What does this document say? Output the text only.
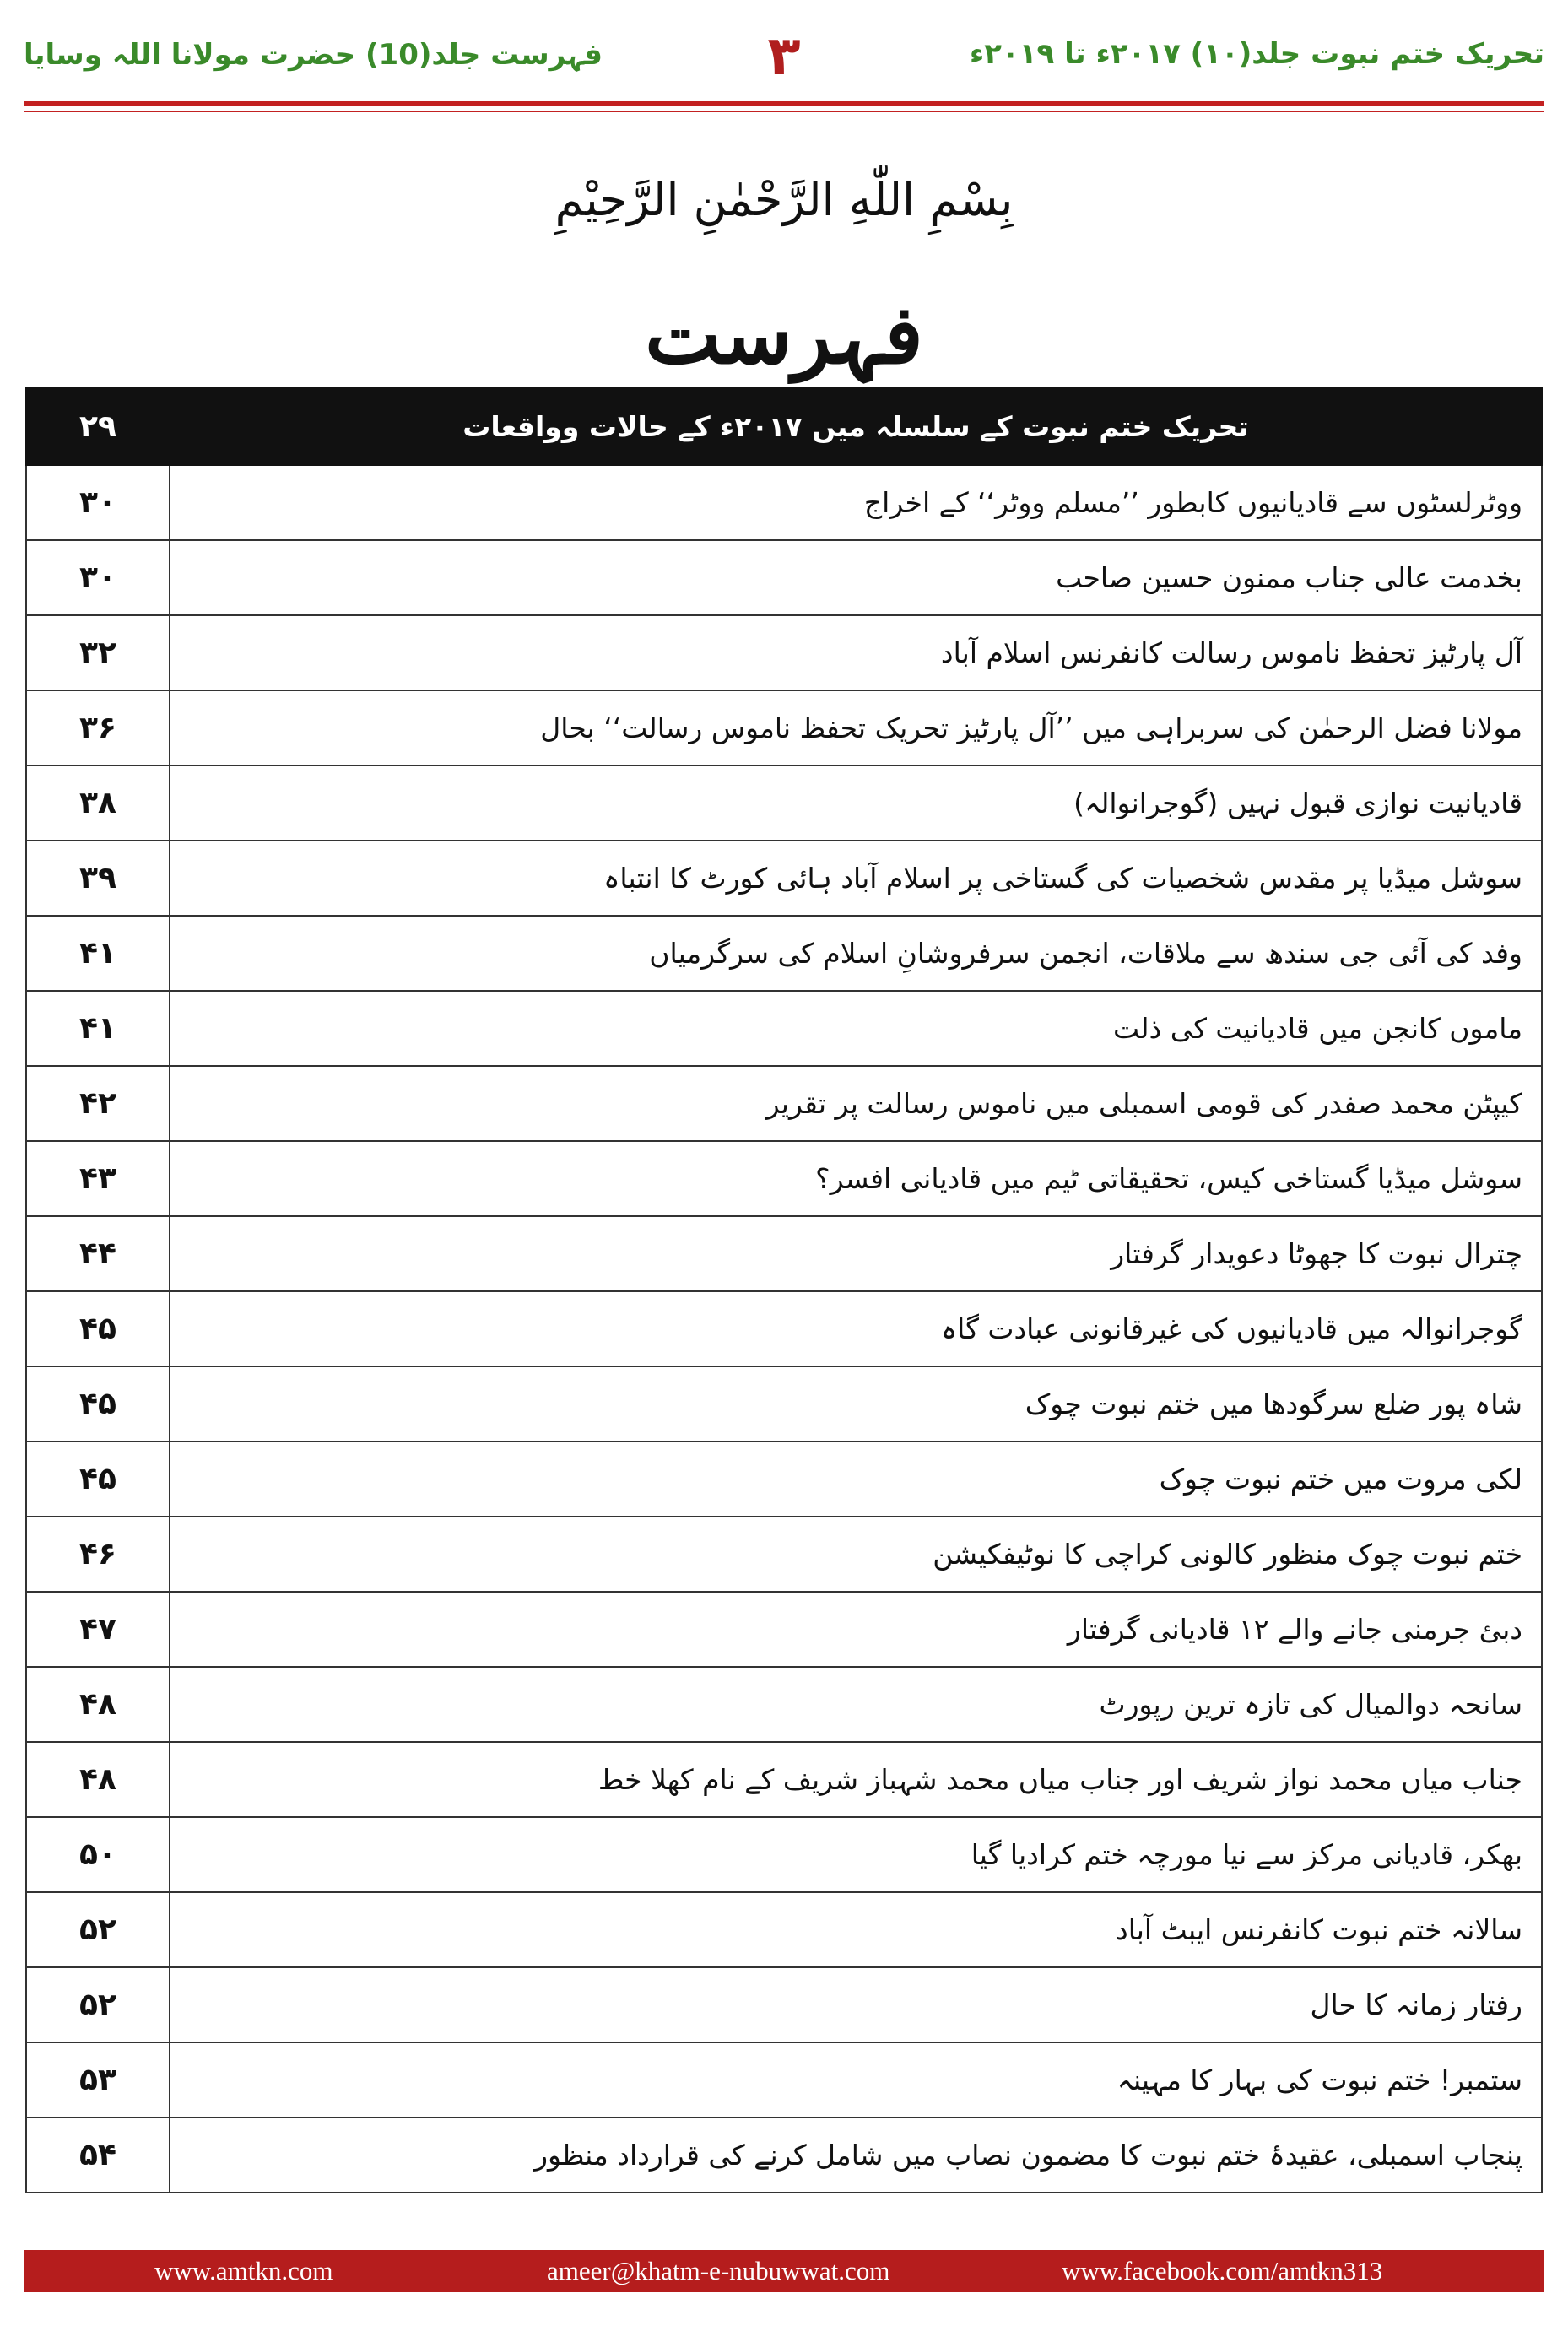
فہرست جلد(10) حضرت مولانا اللہ وسایا	۳	تحریک ختم نبوت جلد(۱۰) ۲۰۱۷ء تا ۲۰۱۹ء
بِسْمِ اللّٰهِ الرَّحْمٰنِ الرَّحِيْمِ
فہرست
۲۹	تحریک ختم نبوت کے سلسلہ میں ۲۰۱۷ء کے حالات وواقعات
۳۰	ووٹرلسٹوں سے قادیانیوں کابطور ’’مسلم ووٹر‘‘ کے اخراج
۳۰	بخدمت عالی جناب ممنون حسین صاحب
۳۲	آل پارٹیز تحفظ ناموس رسالت کانفرنس اسلام آباد
۳۶	مولانا فضل الرحمٰن کی سربراہی میں ’’آل پارٹیز تحریک تحفظ ناموس رسالت‘‘ بحال
۳۸	قادیانیت نوازی قبول نہیں (گوجرانوالہ)
۳۹	سوشل میڈیا پر مقدس شخصیات کی گستاخی پر اسلام آباد ہائی کورٹ کا انتباہ
۴۱	وفد کی آئی جی سندھ سے ملاقات، انجمن سرفروشانِ اسلام کی سرگرمیاں
۴۱	ماموں کانجن میں قادیانیت کی ذلت
۴۲	کیپٹن محمد صفدر کی قومی اسمبلی میں ناموس رسالت پر تقریر
۴۳	سوشل میڈیا گستاخی کیس، تحقیقاتی ٹیم میں قادیانی افسر؟
۴۴	چترال نبوت کا جھوٹا دعویدار گرفتار
۴۵	گوجرانوالہ میں قادیانیوں کی غیرقانونی عبادت گاہ
۴۵	شاہ پور ضلع سرگودھا میں ختم نبوت چوک
۴۵	لکی مروت میں ختم نبوت چوک
۴۶	ختم نبوت چوک منظور کالونی کراچی کا نوٹیفکیشن
۴۷	دبئ جرمنی جانے والے ۱۲ قادیانی گرفتار
۴۸	سانحہ دوالمیال کی تازہ ترین رپورٹ
۴۸	جناب میاں محمد نواز شریف اور جناب میاں محمد شہباز شریف کے نام کھلا خط
۵۰	بھکر، قادیانی مرکز سے نیا مورچہ ختم کرادیا گیا
۵۲	سالانہ ختم نبوت کانفرنس ایبٹ آباد
۵۲	رفتار زمانہ کا حال
۵۳	ستمبر! ختم نبوت کی بہار کا مہینہ
۵۴	پنجاب اسمبلی، عقیدۂ ختم نبوت کا مضمون نصاب میں شامل کرنے کی قرارداد منظور
www.amtkn.com	ameer@khatm-e-nubuwwat.com	www.facebook.com/amtkn313
